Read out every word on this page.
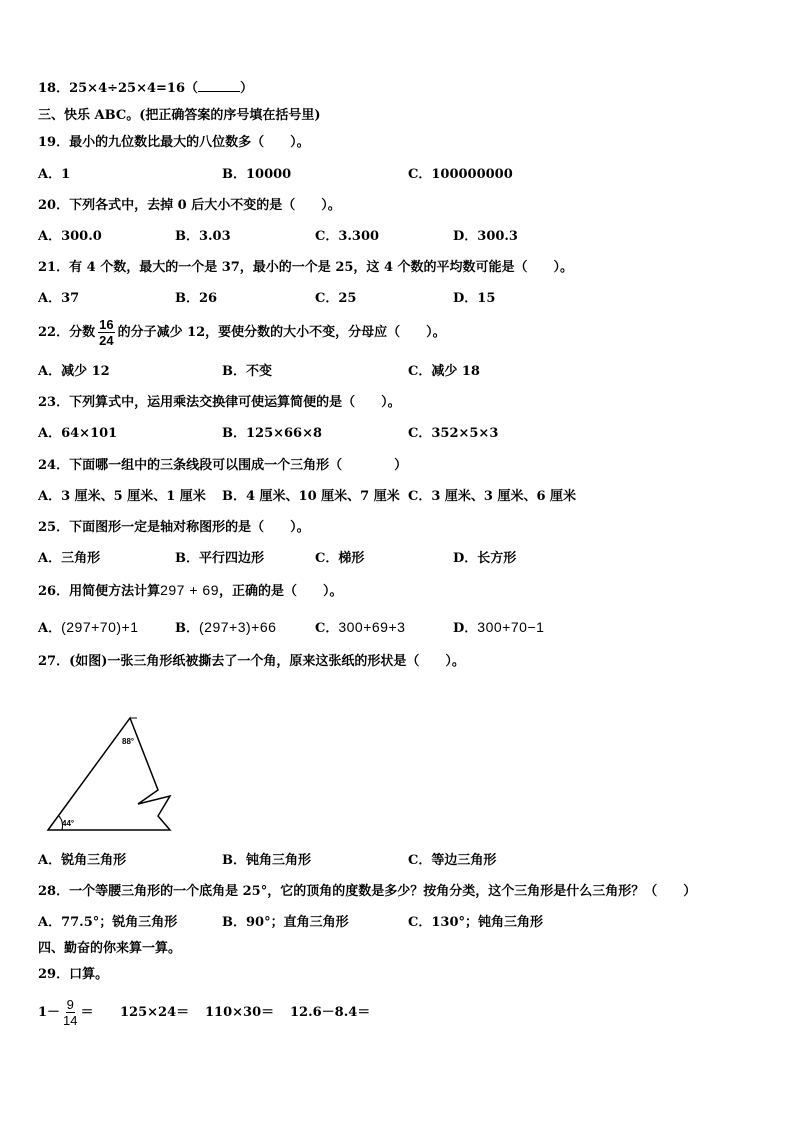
18．25×4÷25×4=16（	）
三、快乐 ABC。(把正确答案的序号填在括号里)
19．最小的九位数比最大的八位数多（　　）。
A．1	B．10000	C．100000000
20．下列各式中，去掉 0 后大小不变的是（　　）。
A．300.0	B．3.03	C．3.300	D．300.3
21．有 4 个数，最大的一个是 37，最小的一个是 25，这 4 个数的平均数可能是（　　）。
A．37	B．26	C．25	D．15
22．分数 $\frac{16}{24}$ 的分子减少 12，要使分数的大小不变，分母应（　　）。
A．减少 12	B．不变	C．减少 18
23．下列算式中，运用乘法交换律可使运算简便的是（　　）。
A．64×101	B．125×66×8	C．352×5×3
24．下面哪一组中的三条线段可以围成一个三角形（　　　　）
A．3 厘米、5 厘米、1 厘米 B．4 厘米、10 厘米、7 厘米 C．3 厘米、3 厘米、6 厘米
25．下面图形一定是轴对称图形的是（　　）。
A．三角形	B．平行四边形	C．梯形	D．长方形
26．用简便方法计算297 + 69，正确的是（　　）。
A．(297+70)+1	B．(297+3)+66	C．300+69+3	D．300+70−1
27．(如图)一张三角形纸被撕去了一个角，原来这张纸的形状是（　　）。
88°
44°
A．锐角三角形	B．钝角三角形	C．等边三角形
28．一个等腰三角形的一个底角是 25°，它的顶角的度数是多少？按角分类，这个三角形是什么三角形？（　　）
A．77.5°；锐角三角形	B．90°；直角三角形	C．130°；钝角三角形
四、勤奋的你来算一算。
29．口算。
$1- \frac{9}{14} = 125\times 24= 110\times 30= 12.6-8.4=$
